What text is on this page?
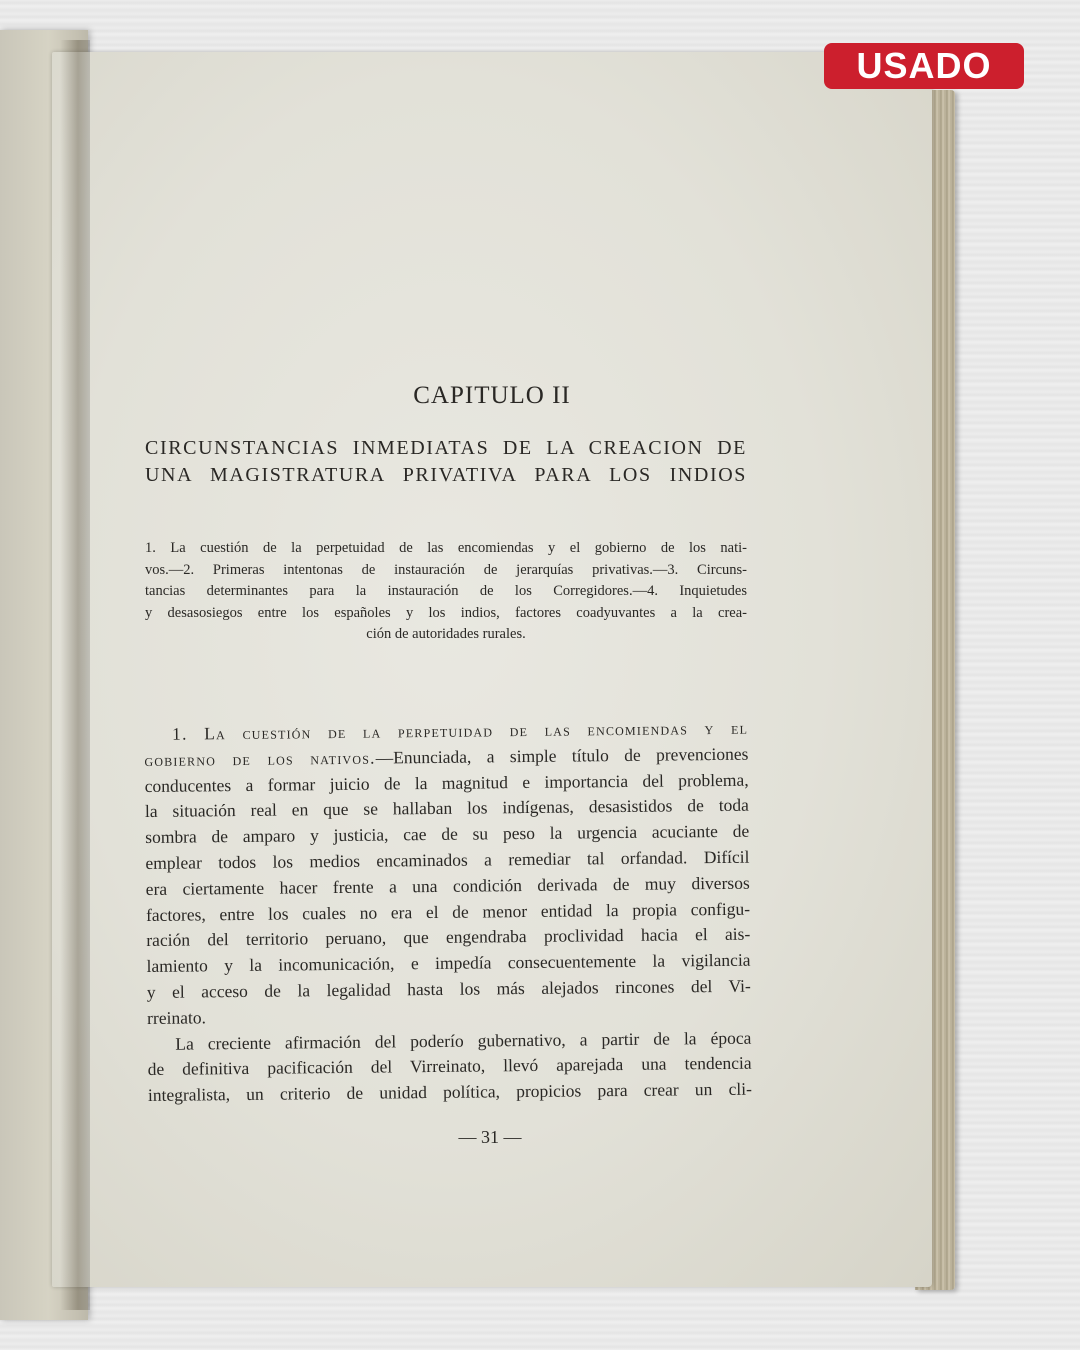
CAPITULO II
CIRCUNSTANCIAS INMEDIATAS DE LA CREACION DE
UNA MAGISTRATURA PRIVATIVA PARA LOS INDIOS
1. La cuestión de la perpetuidad de las encomiendas y el gobierno de los nati-
vos.—2. Primeras intentonas de instauración de jerarquías privativas.—3. Circuns-
tancias determinantes para la instauración de los Corregidores.—4. Inquietudes
y desasosiegos entre los españoles y los indios, factores coadyuvantes a la crea-
ción de autoridades rurales.
1. La cuestión de la perpetuidad de las encomiendas y el
gobierno de los nativos.—Enunciada, a simple título de prevenciones
conducentes a formar juicio de la magnitud e importancia del problema,
la situación real en que se hallaban los indígenas, desasistidos de toda
sombra de amparo y justicia, cae de su peso la urgencia acuciante de
emplear todos los medios encaminados a remediar tal orfandad. Difícil
era ciertamente hacer frente a una condición derivada de muy diversos
factores, entre los cuales no era el de menor entidad la propia configu-
ración del territorio peruano, que engendraba proclividad hacia el ais-
lamiento y la incomunicación, e impedía consecuentemente la vigilancia
y el acceso de la legalidad hasta los más alejados rincones del Vi-
rreinato.
La creciente afirmación del poderío gubernativo, a partir de la época
de definitiva pacificación del Virreinato, llevó aparejada una tendencia
integralista, un criterio de unidad política, propicios para crear un cli-
— 31 —
USADO
